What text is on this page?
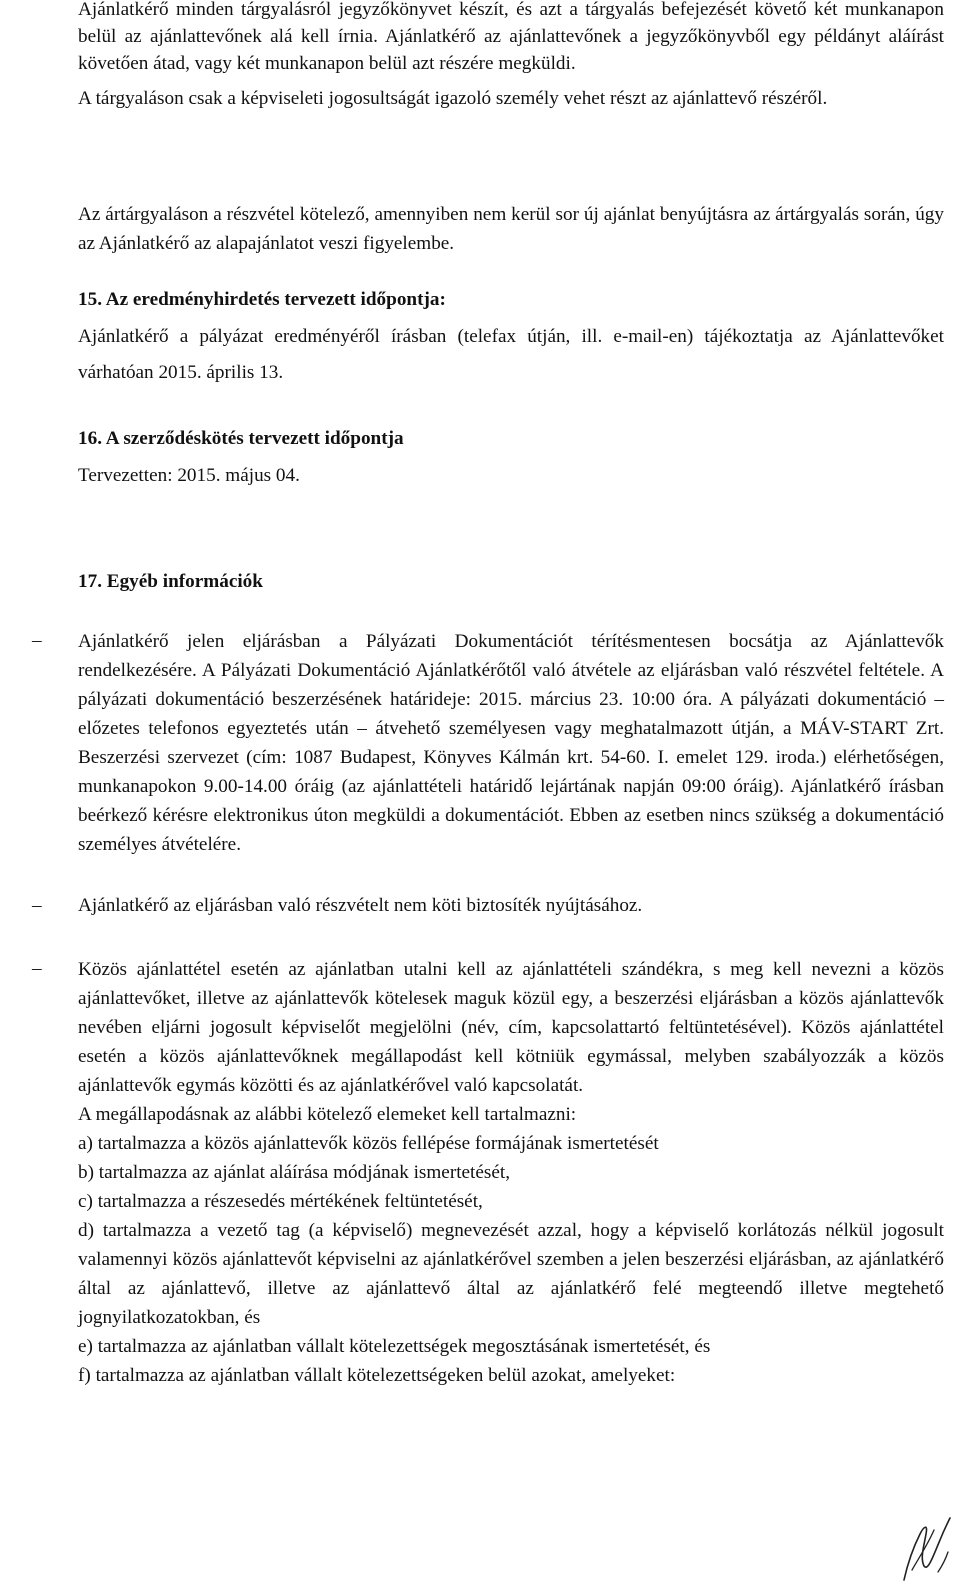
Ajánlatkérő minden tárgyalásról jegyzőkönyvet készít, és azt a tárgyalás befejezését követő két munkanapon belül az ajánlattevőnek alá kell írnia. Ajánlatkérő az ajánlattevőnek a jegyzőkönyvből egy példányt aláírást követően átad, vagy két munkanapon belül azt részére megküldi.

A tárgyaláson csak a képviseleti jogosultságát igazoló személy vehet részt az ajánlattevő részéről.

Az ártárgyaláson a részvétel kötelező, amennyiben nem kerül sor új ajánlat benyújtásra az ártárgyalás során, úgy az Ajánlatkérő az alapajánlatot veszi figyelembe.

15. Az eredményhirdetés tervezett időpontja:

Ajánlatkérő a pályázat eredményéről írásban (telefax útján, ill. e-mail-en) tájékoztatja az Ajánlattevőket várhatóan 2015. április 13.

16. A szerződéskötés tervezett időpontja

Tervezetten: 2015. május 04.

17. Egyéb információk

–	Ajánlatkérő jelen eljárásban a Pályázati Dokumentációt térítésmentesen bocsátja az Ajánlattevők rendelkezésére. A Pályázati Dokumentáció Ajánlatkérőtől való átvétele az eljárásban való részvétel feltétele. A pályázati dokumentáció beszerzésének határideje: 2015. március 23. 10:00 óra. A pályázati dokumentáció – előzetes telefonos egyeztetés után – átvehető személyesen vagy meghatalmazott útján, a MÁV-START Zrt. Beszerzési szervezet (cím: 1087 Budapest, Könyves Kálmán krt. 54-60. I. emelet 129. iroda.) elérhetőségen, munkanapokon 9.00-14.00 óráig (az ajánlattételi határidő lejártának napján 09:00 óráig). Ajánlatkérő írásban beérkező kérésre elektronikus úton megküldi a dokumentációt. Ebben az esetben nincs szükség a dokumentáció személyes átvételére.

–	Ajánlatkérő az eljárásban való részvételt nem köti biztosíték nyújtásához.

–	Közös ajánlattétel esetén az ajánlatban utalni kell az ajánlattételi szándékra, s meg kell nevezni a közös ajánlattevőket, illetve az ajánlattevők kötelesek maguk közül egy, a beszerzési eljárásban a közös ajánlattevők nevében eljárni jogosult képviselőt megjelölni (név, cím, kapcsolattartó feltüntetésével). Közös ajánlattétel esetén a közös ajánlattevőknek megállapodást kell kötniük egymással, melyben szabályozzák a közös ajánlattevők egymás közötti és az ajánlatkérővel való kapcsolatát.

A megállapodásnak az alábbi kötelező elemeket kell tartalmazni:

a) tartalmazza a közös ajánlattevők közös fellépése formájának ismertetését

b) tartalmazza az ajánlat aláírása módjának ismertetését,

c) tartalmazza a részesedés mértékének feltüntetését,

d) tartalmazza a vezető tag (a képviselő) megnevezését azzal, hogy a képviselő korlátozás nélkül jogosult valamennyi közös ajánlattevőt képviselni az ajánlatkérővel szemben a jelen beszerzési eljárásban, az ajánlatkérő által az ajánlattevő, illetve az ajánlattevő által az ajánlatkérő felé megteendő illetve megtehető jognyilatkozatokban, és

e) tartalmazza az ajánlatban vállalt kötelezettségek megosztásának ismertetését, és

f) tartalmazza az ajánlatban vállalt kötelezettségeken belül azokat, amelyeket:
